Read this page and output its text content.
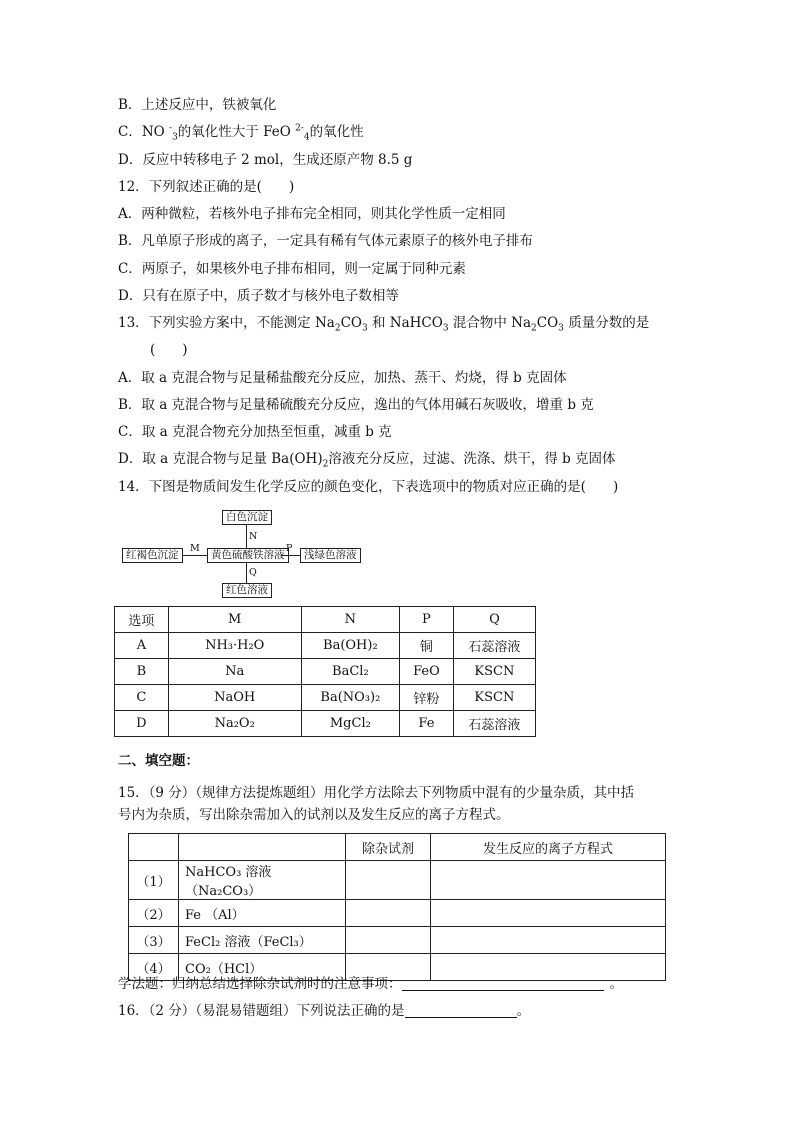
B．上述反应中，铁被氧化
C．NO -$_3$的氧化性大于 FeO $^{2-}_4$的氧化性
D．反应中转移电子 2 mol，生成还原产物 8.5 g
12．下列叙述正确的是(　　)
A．两种微粒，若核外电子排布完全相同，则其化学性质一定相同
B．凡单原子形成的离子，一定具有稀有气体元素原子的核外电子排布
C．两原子，如果核外电子排布相同，则一定属于同种元素
D．只有在原子中，质子数才与核外电子数相等
13．下列实验方案中，不能测定 $Na_2CO_3$ 和 NaHCO$_3$ 混合物中 $Na_2CO_3$ 质量分数的是
(　　)
A．取 a 克混合物与足量稀盐酸充分反应，加热、蒸干、灼烧，得 b 克固体
B．取 a 克混合物与足量稀硫酸充分反应，逸出的气体用碱石灰吸收，增重 b 克
C．取 a 克混合物充分加热至恒重，减重 b 克
D．取 a 克混合物与足量 $Ba(OH)_2$溶液充分反应，过滤、洗涤、烘干，得 b 克固体
14．下图是物质间发生化学反应的颜色变化，下表选项中的物质对应正确的是(　　)
白色沉淀
红褐色沉淀	黄色硫酸铁溶液	浅绿色溶液
红色溶液
N
M	P
Q
选项	M	N	P	Q
A	NH₃·H₂O	Ba(OH)₂	铜	石蕊溶液
B	Na	BaCl₂	FeO	KSCN
C	NaOH	Ba(NO₃)₂	锌粉	KSCN
D	Na₂O₂	MgCl₂	Fe	石蕊溶液
二、填空题：
15．（9 分）（规律方法提炼题组）用化学方法除去下列物质中混有的少量杂质，其中括
号内为杂质，写出除杂需加入的试剂以及发生反应的离子方程式。
		除杂试剂	发生反应的离子方程式
（1）	NaHCO₃ 溶液（Na₂CO₃）		
（2）	Fe （Al）		
（3）	FeCl₂ 溶液（FeCl₃）		
（4）	CO₂（HCl）		
学法题：归纳总结选择除杂试剂时的注意事项：	。
16．（2 分）（易混易错题组）下列说法正确的是	。
